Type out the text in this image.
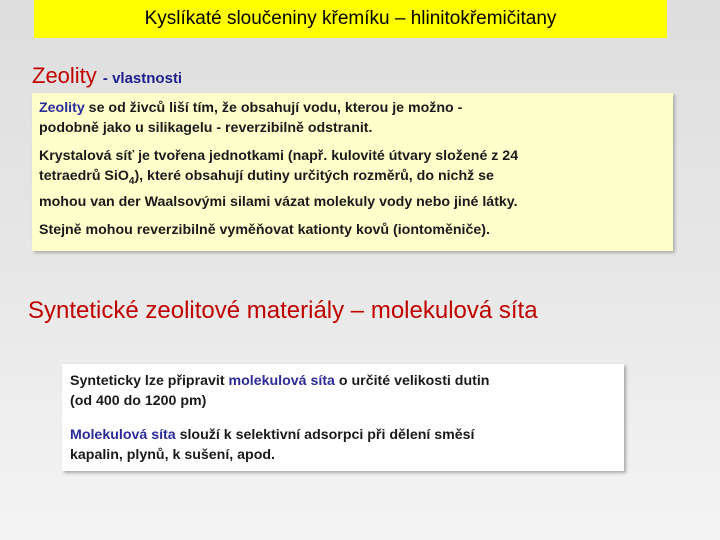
Kyslíkaté sloučeniny křemíku – hlinitokřemičitany
Zeolity - vlastnosti

Zeolity se od živců liší tím, že obsahují vodu, kterou je možno -
podobně jako u silikagelu - reverzibilně odstranit.

Krystalová síť je tvořena jednotkami (např. kulovité útvary složené z 24
tetraedrů SiO$_4$), které obsahují dutiny určitých rozměrů, do nichž se
mohou van der Waalsovými silami vázat molekuly vody nebo jiné látky.

Stejně mohou reverzibilně vyměňovat kationty kovů (iontoměniče).

Syntetické zeolitové materiály – molekulová síta

Synteticky lze připravit molekulová síta o určité velikosti dutin
(od 400 do 1200 pm)

Molekulová síta slouží k selektivní adsorpci při dělení směsí
kapalin, plynů, k sušení, apod.
